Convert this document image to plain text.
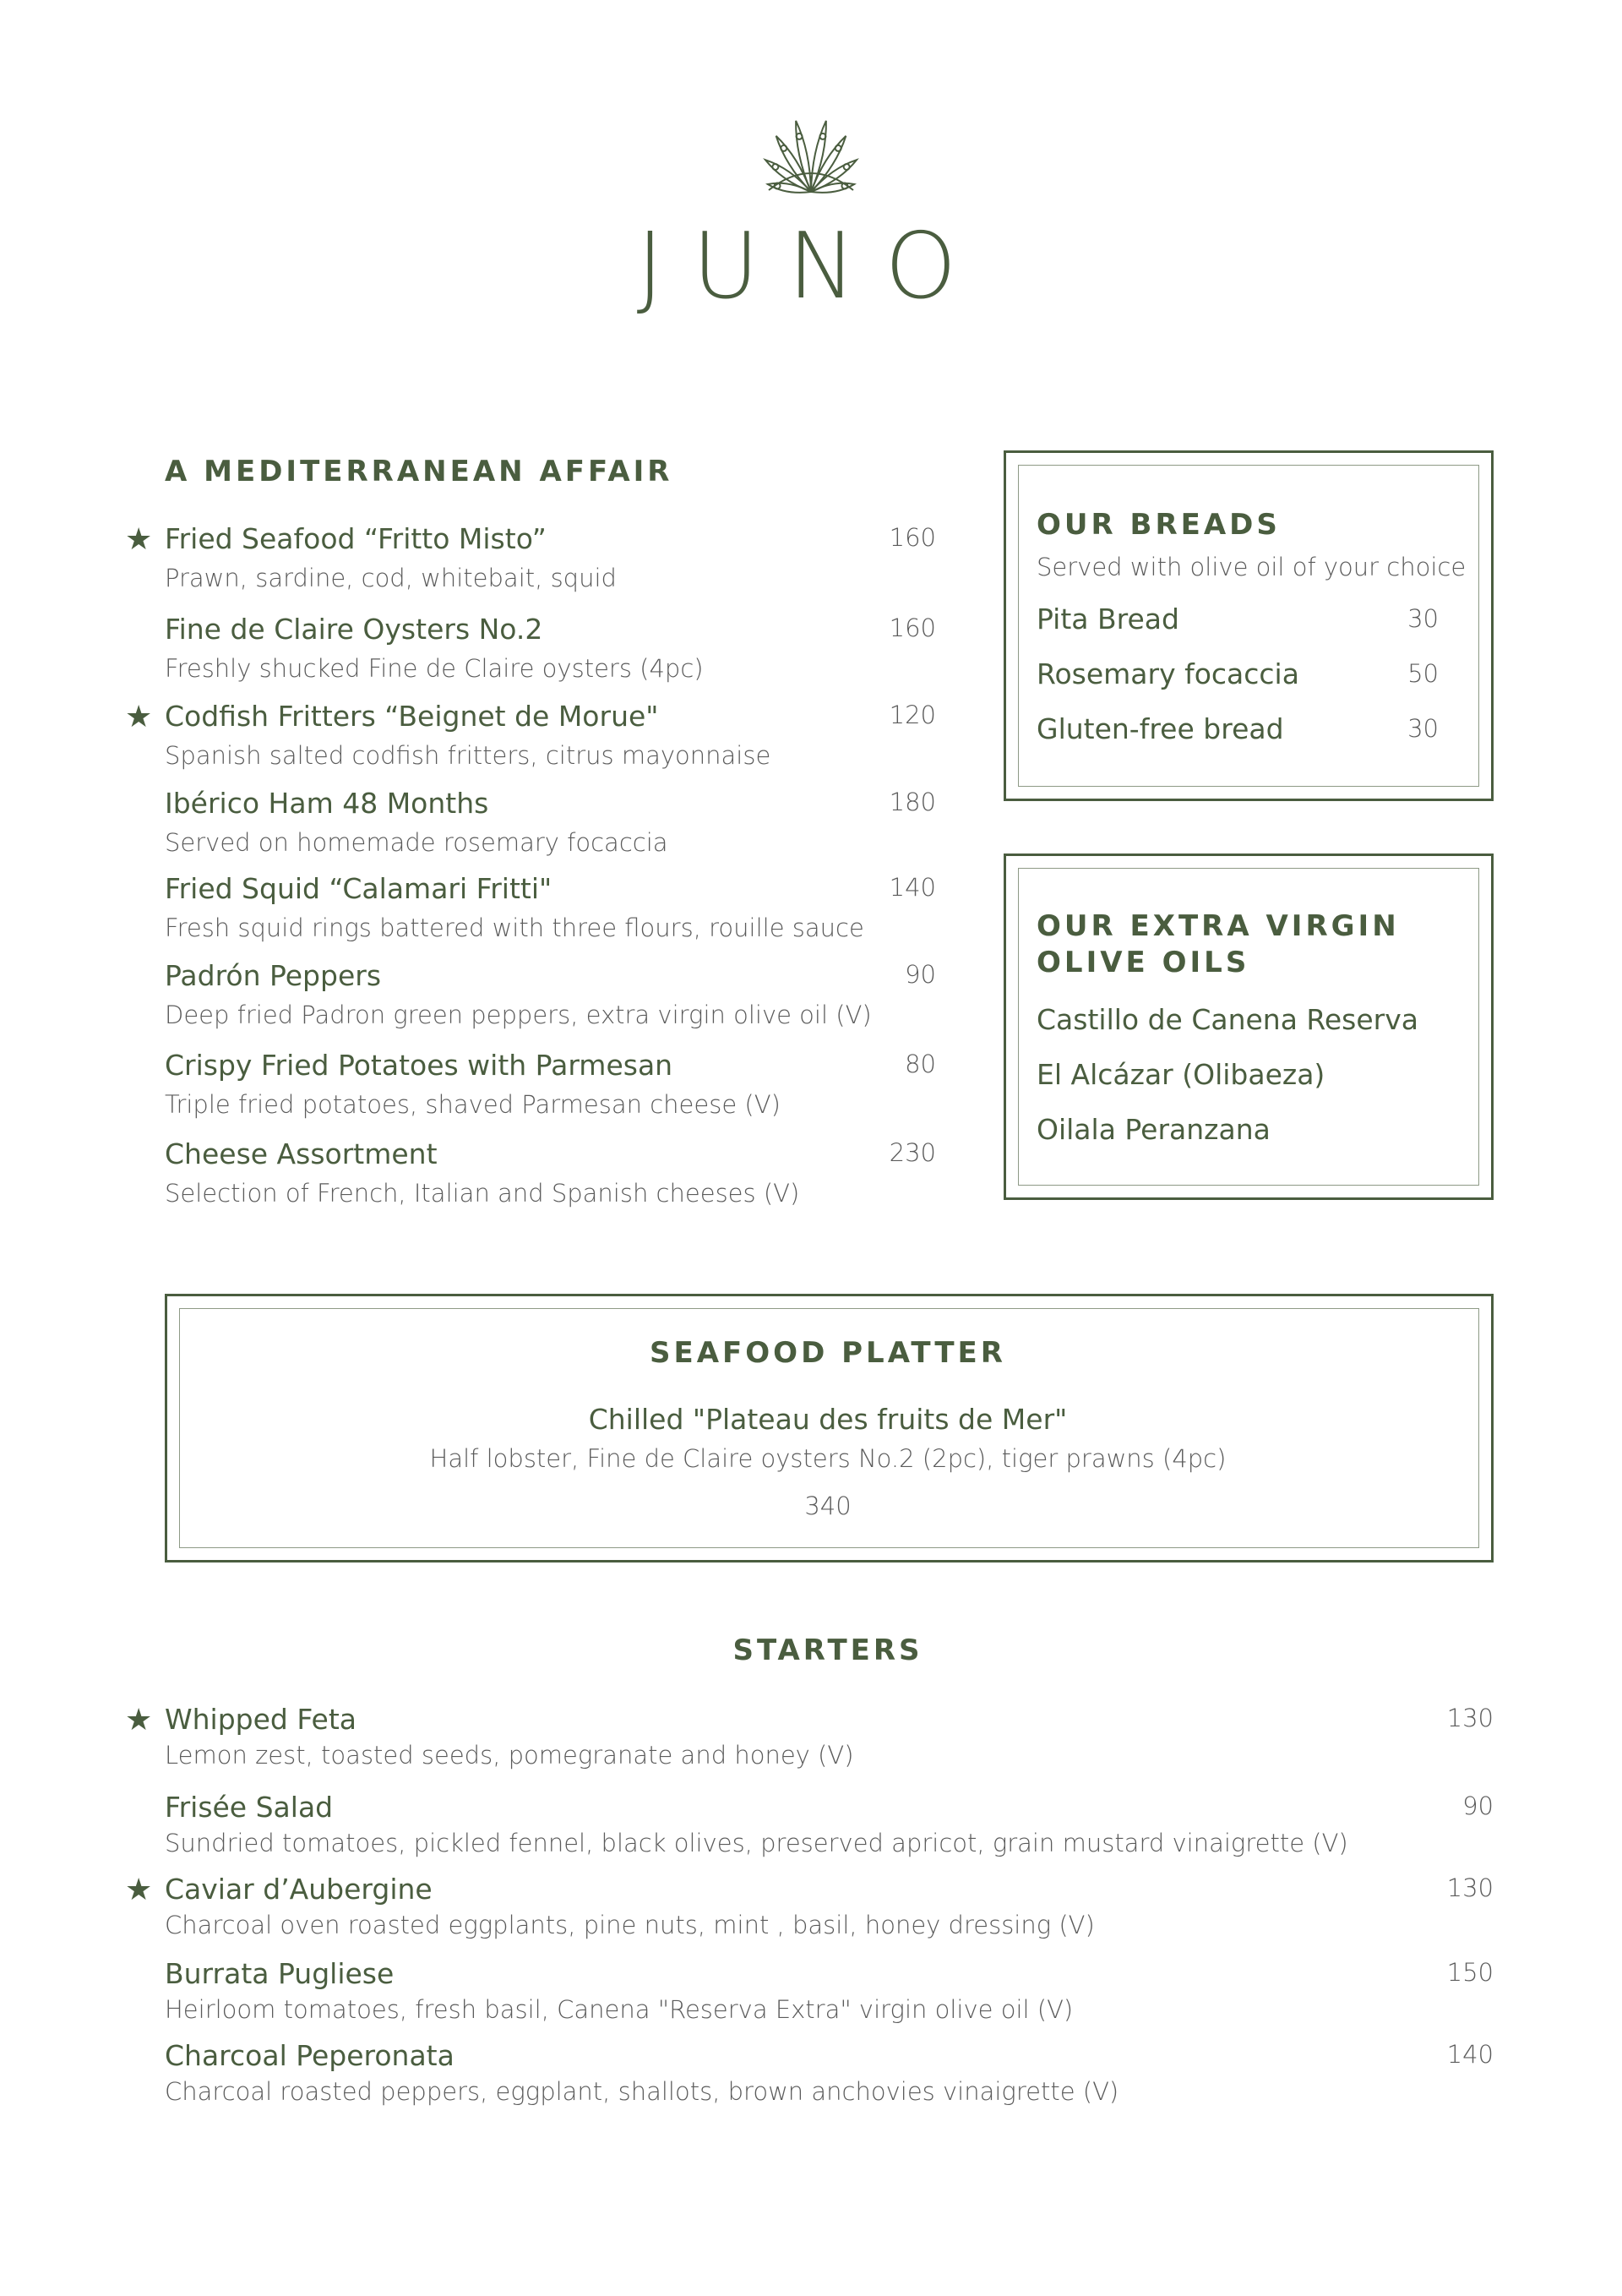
JUNO
A MEDITERRANEAN AFFAIR
★ Fried Seafood “Fritto Misto”
Prawn, sardine, cod, whitebait, squid
160
Fine de Claire Oysters No.2
Freshly shucked Fine de Claire oysters (4pc)
160
★ Codfish Fritters “Beignet de Morue"
Spanish salted codfish fritters, citrus mayonnaise
120
Ibérico Ham 48 Months
Served on homemade rosemary focaccia
180
Fried Squid “Calamari Fritti"
Fresh squid rings battered with three flours, rouille sauce
140
Padrón Peppers
Deep fried Padron green peppers, extra virgin olive oil (V)
90
Crispy Fried Potatoes with Parmesan
Triple fried potatoes, shaved Parmesan cheese (V)
80
Cheese Assortment
Selection of French, Italian and Spanish cheeses (V)
230
OUR BREADS
Served with olive oil of your choice
Pita Bread	30
Rosemary focaccia	50
Gluten-free bread	30
OUR EXTRA VIRGIN
OLIVE OILS
Castillo de Canena Reserva
El Alcázar (Olibaeza)
Oilala Peranzana
SEAFOOD PLATTER
Chilled "Plateau des fruits de Mer"
Half lobster, Fine de Claire oysters No.2 (2pc), tiger prawns (4pc)
340
STARTERS
★ Whipped Feta
Lemon zest, toasted seeds, pomegranate and honey (V)
130
Frisée Salad
Sundried tomatoes, pickled fennel, black olives, preserved apricot, grain mustard vinaigrette (V)
90
★ Caviar d’Aubergine
Charcoal oven roasted eggplants, pine nuts, mint , basil, honey dressing (V)
130
Burrata Pugliese
Heirloom tomatoes, fresh basil, Canena "Reserva Extra" virgin olive oil (V)
150
Charcoal Peperonata
Charcoal roasted peppers, eggplant, shallots, brown anchovies vinaigrette (V)
140
